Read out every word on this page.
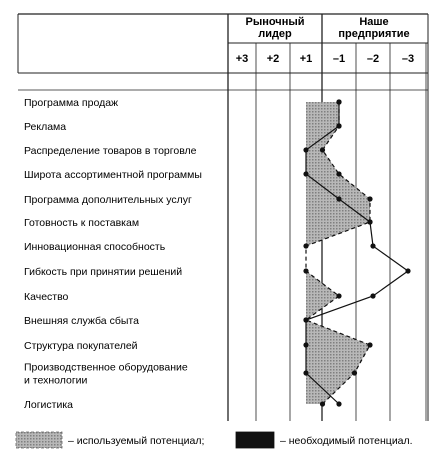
Рыночный
лидер
Наше
предприятие
+3 +2 +1 –1 –2 –3
Программа продаж
Реклама
Распределение товаров в торговле
Широта ассортиментной программы
Программа дополнительных услуг
Готовность к поставкам
Инновационная способность
Гибкость при принятии решений
Качество
Внешняя служба сбыта
Структура покупателей
Производственное оборудование
и технологии
Логистика
– используемый потенциал;	– необходимый потенциал.
